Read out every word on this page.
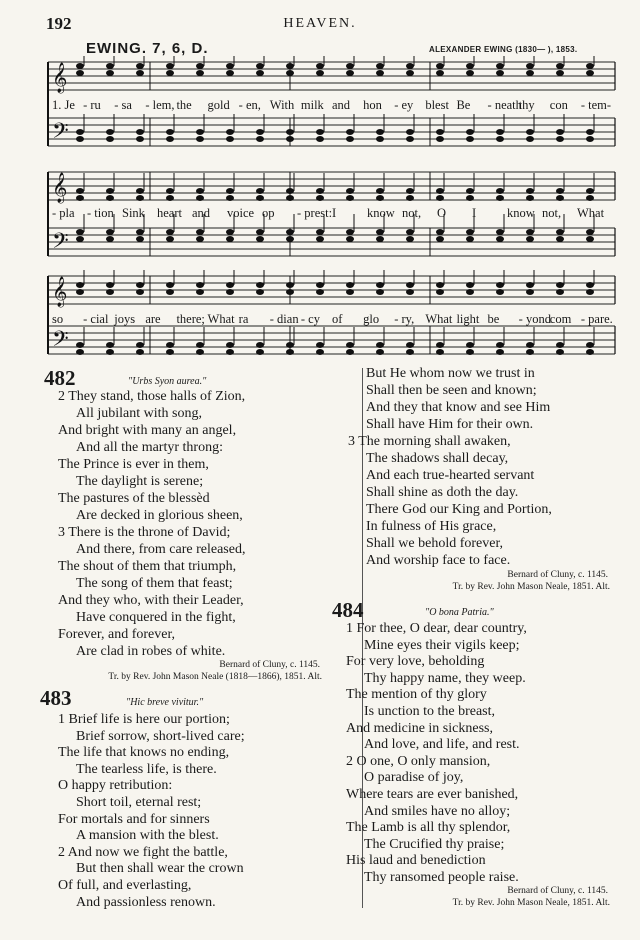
192	HEAVEN.
EWING. 7, 6, D.	ALEXANDER EWING (1830— ), 1853.
𝄞
𝄢
1. Je - ru - sa - lem, the gold - en, With milk and hon - ey blest Be - neath
thy con - tem-
𝄞
𝄢
- pla - tion Sink heart and voice op - prest: I know not, O I know not, What
𝄞
𝄢
so - cial joys are there; What ra - dian - cy of glo - ry, What light be - yond
com - pare.
482	"Urbs Syon aurea."
2 They stand, those halls of Zion,
All jubilant with song,
And bright with many an angel,
And all the martyr throng:
The Prince is ever in them,
The daylight is serene;
The pastures of the blessèd
Are decked in glorious sheen,
3 There is the throne of David;
And there, from care released,
The shout of them that triumph,
The song of them that feast;
And they who, with their Leader,
Have conquered in the fight,
Forever, and forever,
Are clad in robes of white.
But He whom now we trust in
Shall then be seen and known;
And they that know and see Him
Shall have Him for their own.
3 The morning shall awaken,
The shadows shall decay,
And each true-hearted servant
Shall shine as doth the day.
There God our King and Portion,
In fulness of His grace,
Shall we behold forever,
And worship face to face.
Bernard of Cluny, c. 1145.
Tr. by Rev. John Mason Neale (1818—1866), 1851. Alt.
Bernard of Cluny, c. 1145.
483	"Hic breve vivitur."
1 Brief life is here our portion;
Brief sorrow, short-lived care;
The life that knows no ending,
The tearless life, is there.
O happy retribution:
Short toil, eternal rest;
For mortals and for sinners
A mansion with the blest.
2 And now we fight the battle,
But then shall wear the crown
Of full, and everlasting,
And passionless renown.
484	"O bona Patria."
1 For thee, O dear, dear country,
Mine eyes their vigils keep;
For very love, beholding
Thy happy name, they weep.
The mention of thy glory
Is unction to the breast,
And medicine in sickness,
And love, and life, and rest.
2 O one, O only mansion,
O paradise of joy,
Where tears are ever banished,
And smiles have no alloy;
The Lamb is all thy splendor,
The Crucified thy praise;
His laud and benediction
Thy ransomed people raise.
Bernard of Cluny, c. 1145.
Tr. by Rev. John Mason Neale, 1851. Alt.
Tr. by Rev. John Mason Neale, 1851. Alt.
